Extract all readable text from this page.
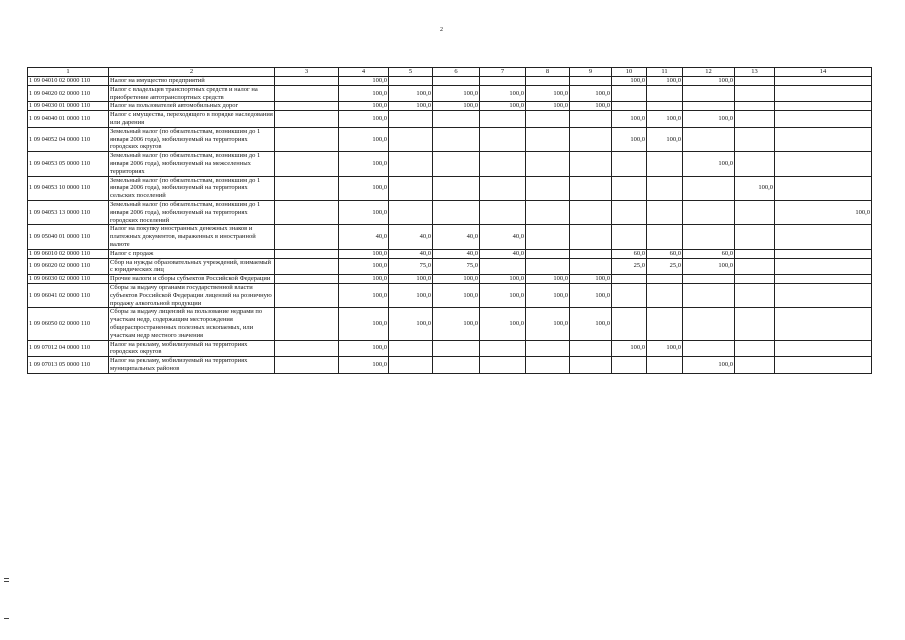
2
1	2	3	4	5	6	7	8	9	10	11	12	13	14
1 09 04010 02 0000 110	Налог на имущество предприятий		100,0						100,0	100,0	100,0		
1 09 04020 02 0000 110	Налог с владельцев транспортных средств и налог на приобретение автотранспортных средств		100,0	100,0	100,0	100,0	100,0	100,0					
1 09 04030 01 0000 110	Налог на пользователей автомобильных дорог		100,0	100,0	100,0	100,0	100,0	100,0					
1 09 04040 01 0000 110	Налог с имущества, переходящего в порядке наследования или дарения		100,0						100,0	100,0	100,0		
1 09 04052 04 0000 110	Земельный налог (по обязательствам, возникшим до 1 января 2006 года), мобилизуемый на территориях городских округов		100,0						100,0	100,0			
1 09 04053 05 0000 110	Земельный налог (по обязательствам, возникшим до 1 января 2006 года), мобилизуемый на межселенных территориях		100,0								100,0		
1 09 04053 10 0000 110	Земельный налог (по обязательствам, возникшим до 1 января 2006 года), мобилизуемый на территориях сельских поселений		100,0									100,0	
1 09 04053 13 0000 110	Земельный налог (по обязательствам, возникшим до 1 января 2006 года), мобилизуемый на территориях городских поселений		100,0										100,0
1 09 05040 01 0000 110	Налог на покупку иностранных денежных знаков и платежных документов, выраженных в иностранной валюте		40,0	40,0	40,0	40,0							
1 09 06010 02 0000 110	Налог с продаж		100,0	40,0	40,0	40,0			60,0	60,0	60,0		
1 09 06020 02 0000 110	Сбор на нужды образовательных учреждений, взимаемый с юридических лиц		100,0	75,0	75,0				25,0	25,0	100,0		
1 09 06030 02 0000 110	Прочие налоги и сборы субъектов Российской Федерации		100,0	100,0	100,0	100,0	100,0	100,0					
1 09 06041 02 0000 110	Сборы за выдачу органами государственной власти субъектов Российской Федерации лицензий на розничную продажу алкогольной продукции		100,0	100,0	100,0	100,0	100,0	100,0					
1 09 06050 02 0000 110	Сборы за выдачу лицензий на пользование недрами по участкам недр, содержащим месторождения общераспространенных полезных ископаемых, или участкам недр местного значения		100,0	100,0	100,0	100,0	100,0	100,0					
1 09 07012 04 0000 110	Налог на рекламу, мобилизуемый на территориях городских округов		100,0						100,0	100,0			
1 09 07013 05 0000 110	Налог на рекламу, мобилизуемый на территориях муниципальных районов		100,0								100,0		
